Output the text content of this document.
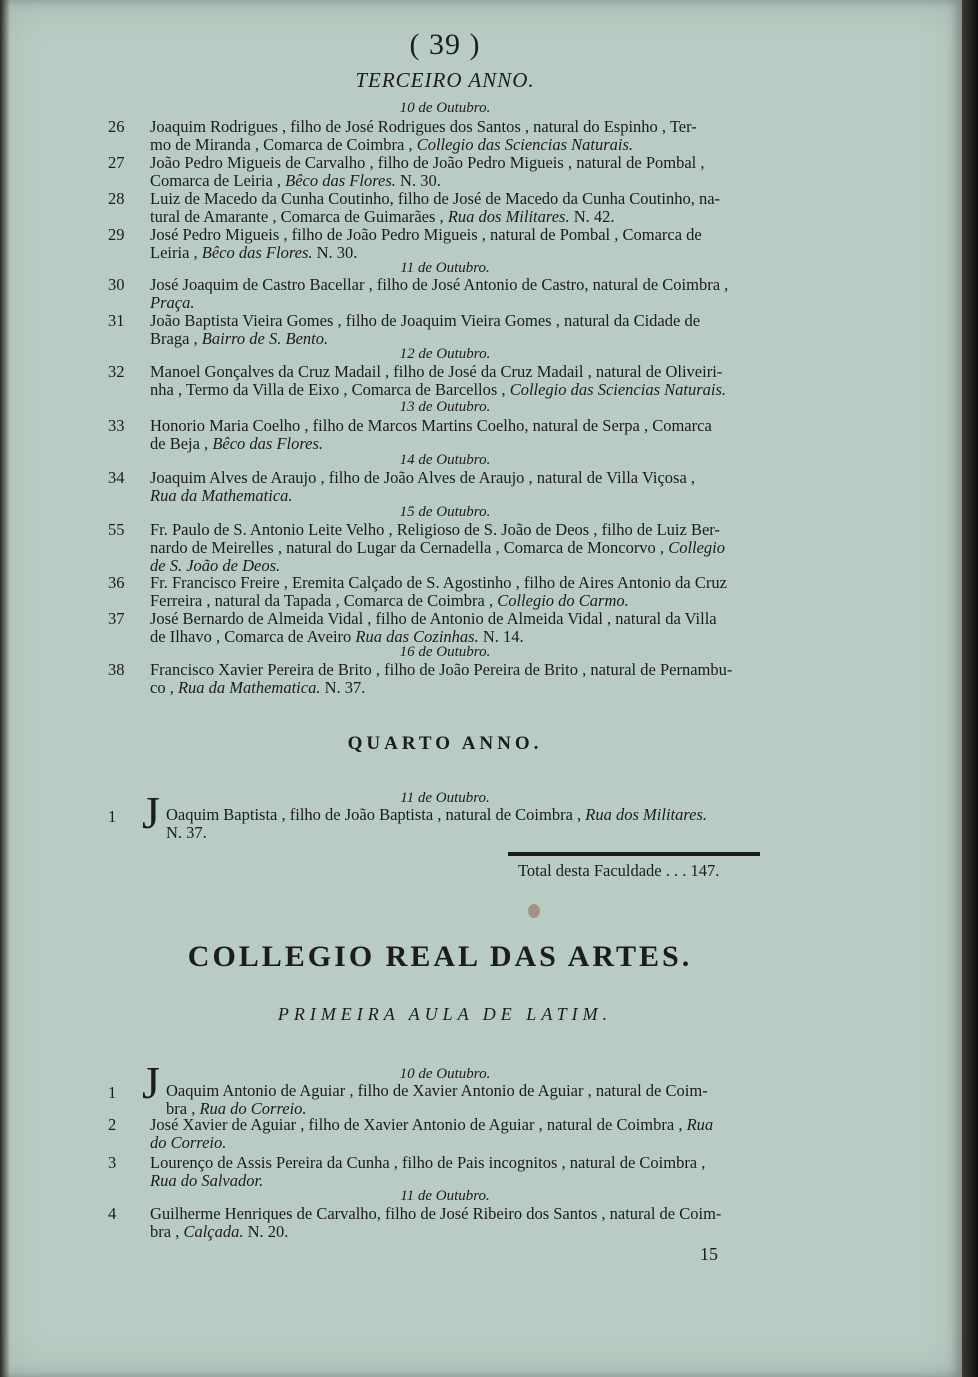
( 39 )
TERCEIRO ANNO.
10 de Outubro.
26	Joaquim Rodrigues , filho de José Rodrigues dos Santos , natural do Espinho , Ter-
mo de Miranda , Comarca de Coimbra , Collegio das Sciencias Naturais.
27	João Pedro Migueis de Carvalho , filho de João Pedro Migueis , natural de Pombal ,
Comarca de Leiria , Bêco das Flores. N. 30.
28	Luiz de Macedo da Cunha Coutinho, filho de José de Macedo da Cunha Coutinho, na-
tural de Amarante , Comarca de Guimarães , Rua dos Militares. N. 42.
29	José Pedro Migueis , filho de João Pedro Migueis , natural de Pombal , Comarca de
Leiria , Bêco das Flores. N. 30.
11 de Outubro.
30	José Joaquim de Castro Bacellar , filho de José Antonio de Castro, natural de Coimbra ,
Praça.
31	João Baptista Vieira Gomes , filho de Joaquim Vieira Gomes , natural da Cidade de
Braga , Bairro de S. Bento.
12 de Outubro.
32	Manoel Gonçalves da Cruz Madail , filho de José da Cruz Madail , natural de Oliveiri-
nha , Termo da Villa de Eixo , Comarca de Barcellos , Collegio das Sciencias Naturais.
13 de Outubro.
33	Honorio Maria Coelho , filho de Marcos Martins Coelho, natural de Serpa , Comarca
de Beja , Bêco das Flores.
14 de Outubro.
34	Joaquim Alves de Araujo , filho de João Alves de Araujo , natural de Villa Viçosa ,
Rua da Mathematica.
15 de Outubro.
55	Fr. Paulo de S. Antonio Leite Velho , Religioso de S. João de Deos , filho de Luiz Ber-
nardo de Meirelles , natural do Lugar da Cernadella , Comarca de Moncorvo , Collegio
de S. João de Deos.
36	Fr. Francisco Freire , Eremita Calçado de S. Agostinho , filho de Aires Antonio da Cruz
Ferreira , natural da Tapada , Comarca de Coimbra , Collegio do Carmo.
37	José Bernardo de Almeida Vidal , filho de Antonio de Almeida Vidal , natural da Villa
de Ilhavo , Comarca de Aveiro Rua das Cozinhas. N. 14.
16 de Outubro.
38	Francisco Xavier Pereira de Brito , filho de João Pereira de Brito , natural de Pernambu-
co , Rua da Mathematica. N. 37.
QUARTO ANNO.
11 de Outubro.
1 J Oaquim Baptista , filho de João Baptista , natural de Coimbra , Rua dos Militares.
N. 37.
Total desta Faculdade . . . 147.
COLLEGIO REAL DAS ARTES.
PRIMEIRA AULA DE LATIM.
10 de Outubro.
1 J Oaquim Antonio de Aguiar , filho de Xavier Antonio de Aguiar , natural de Coim-
bra , Rua do Correio.
2	José Xavier de Aguiar , filho de Xavier Antonio de Aguiar , natural de Coimbra , Rua
do Correio.
3	Lourenço de Assis Pereira da Cunha , filho de Pais incognitos , natural de Coimbra ,
Rua do Salvador.
11 de Outubro.
4	Guilherme Henriques de Carvalho, filho de José Ribeiro dos Santos , natural de Coim-
bra , Calçada. N. 20.
15
